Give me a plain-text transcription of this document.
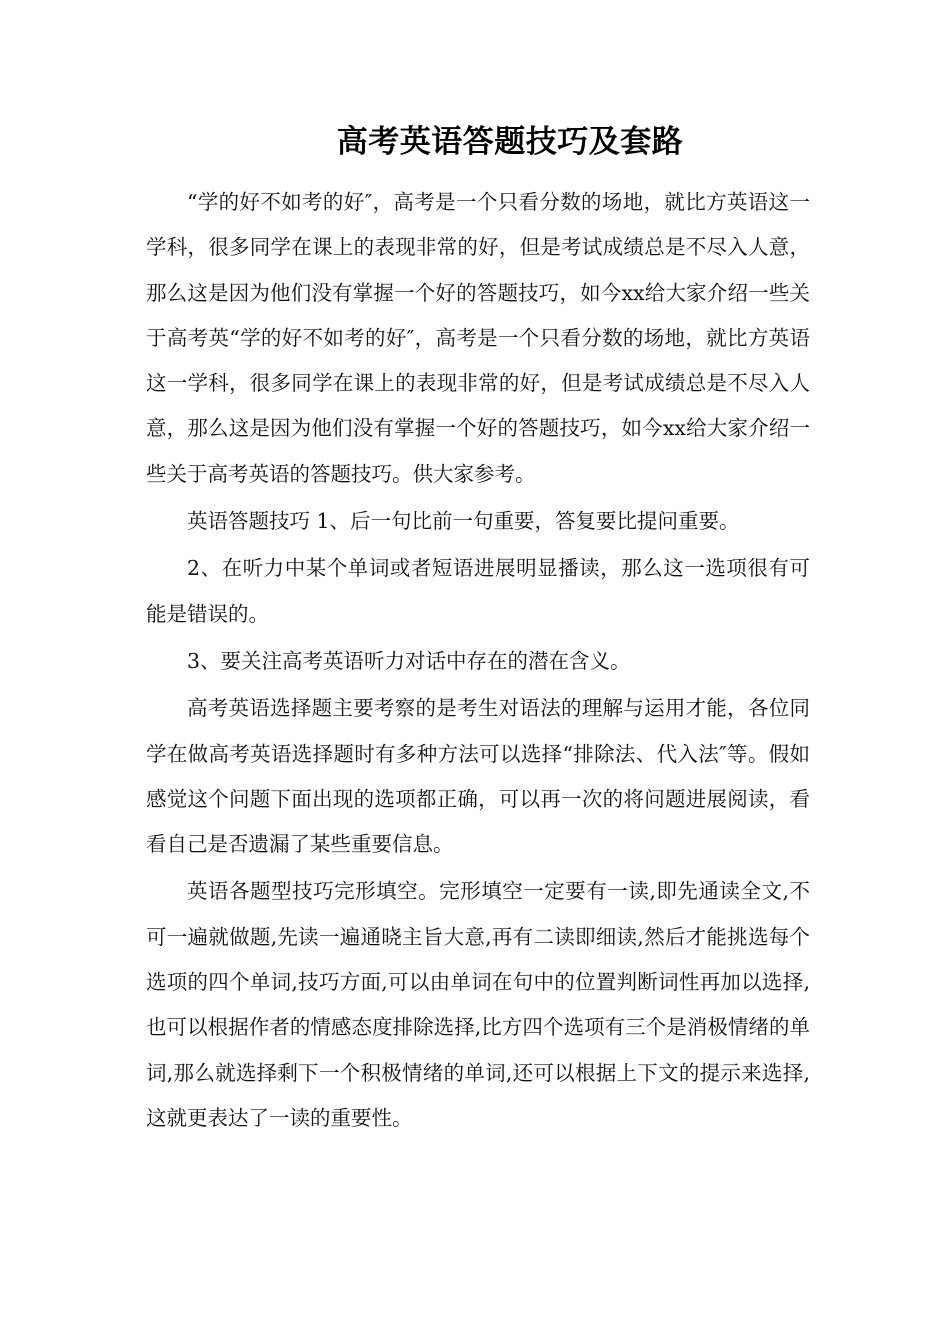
高考英语答题技巧及套路

“学的好不如考的好″，高考是一个只看分数的场地，就比方英语这一学科，很多同学在课上的表现非常的好，但是考试成绩总是不尽入人意，那么这是因为他们没有掌握一个好的答题技巧，如今xx给大家介绍一些关于高考英“学的好不如考的好″，高考是一个只看分数的场地，就比方英语这一学科，很多同学在课上的表现非常的好，但是考试成绩总是不尽入人意，那么这是因为他们没有掌握一个好的答题技巧，如今xx给大家介绍一些关于高考英语的答题技巧。供大家参考。

英语答题技巧 1、后一句比前一句重要，答复要比提问重要。

2、在听力中某个单词或者短语进展明显播读，那么这一选项很有可能是错误的。

3、要关注高考英语听力对话中存在的潜在含义。

高考英语选择题主要考察的是考生对语法的理解与运用才能，各位同学在做高考英语选择题时有多种方法可以选择“排除法、代入法″等。假如感觉这个问题下面出现的选项都正确，可以再一次的将问题进展阅读，看看自己是否遗漏了某些重要信息。

英语各题型技巧完形填空。完形填空一定要有一读,即先通读全文,不可一遍就做题,先读一遍通晓主旨大意,再有二读即细读,然后才能挑选每个选项的四个单词,技巧方面,可以由单词在句中的位置判断词性再加以选择,也可以根据作者的情感态度排除选择,比方四个选项有三个是消极情绪的单词,那么就选择剩下一个积极情绪的单词,还可以根据上下文的提示来选择,这就更表达了一读的重要性。
